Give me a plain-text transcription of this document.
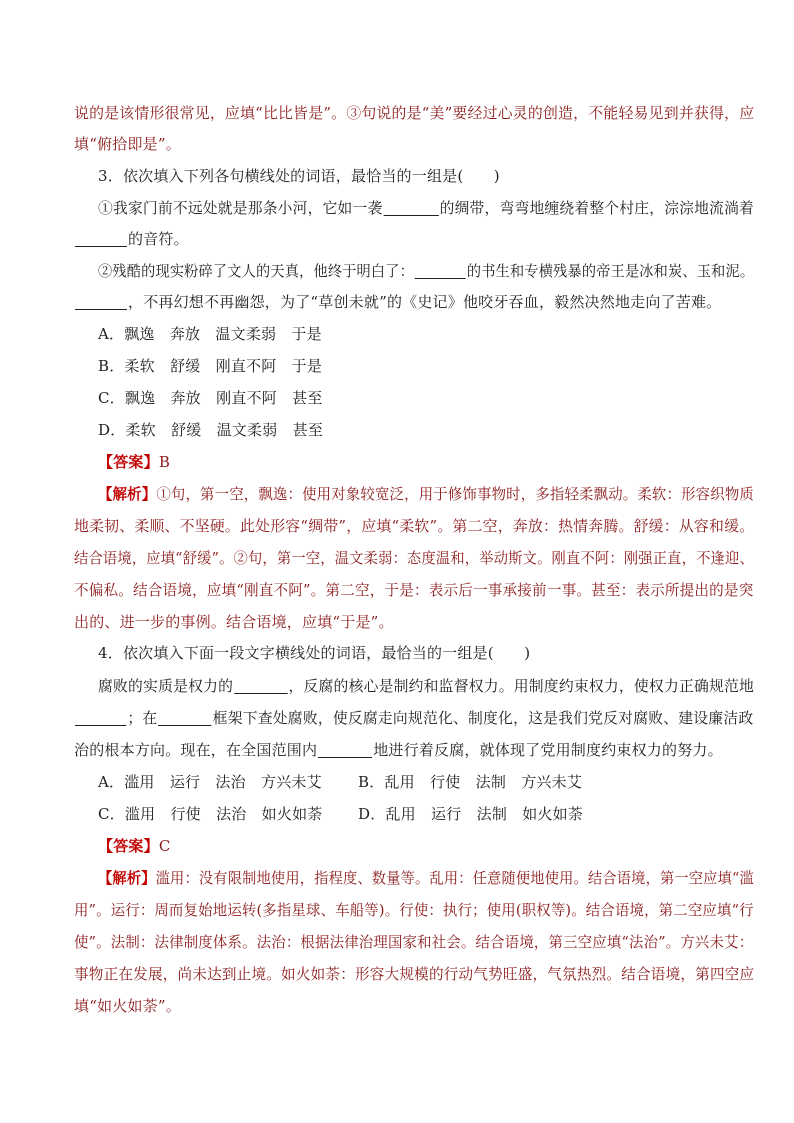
说的是该情形很常见，应填“比比皆是”。③句说的是“美”要经过心灵的创造，不能轻易见到并获得，应
填“俯拾即是”。
3．依次填入下列各句横线处的词语，最恰当的一组是(　　)
①我家门前不远处就是那条小河，它如一袭	的绸带，弯弯地缠绕着整个村庄，淙淙地流淌着
的音符。
②残酷的现实粉碎了文人的天真，他终于明白了：	的书生和专横残暴的帝王是冰和炭、玉和泥。
，不再幻想不再幽怨，为了“草创未就”的《史记》他咬牙吞血，毅然决然地走向了苦难。
A．飘逸　奔放　温文柔弱　于是
B．柔软　舒缓　刚直不阿　于是
C．飘逸　奔放　刚直不阿　甚至
D．柔软　舒缓　温文柔弱　甚至
【答案】B
【解析】①句，第一空，飘逸：使用对象较宽泛，用于修饰事物时，多指轻柔飘动。柔软：形容织物质
地柔韧、柔顺、不坚硬。此处形容“绸带”，应填“柔软”。第二空，奔放：热情奔腾。舒缓：从容和缓。
结合语境，应填“舒缓”。②句，第一空，温文柔弱：态度温和，举动斯文。刚直不阿：刚强正直，不逢迎、
不偏私。结合语境，应填“刚直不阿”。第二空，于是：表示后一事承接前一事。甚至：表示所提出的是突
出的、进一步的事例。结合语境，应填“于是”。
4．依次填入下面一段文字横线处的词语，最恰当的一组是(　　)
腐败的实质是权力的	，反腐的核心是制约和监督权力。用制度约束权力，使权力正确规范地
；在	框架下查处腐败，使反腐走向规范化、制度化，这是我们党反对腐败、建设廉洁政
治的根本方向。现在，在全国范围内	地进行着反腐，就体现了党用制度约束权力的努力。
A．滥用　运行　法治　方兴未艾 B．乱用　行使　法制　方兴未艾
C．滥用　行使　法治　如火如荼 D．乱用　运行　法制　如火如荼
【答案】C
【解析】滥用：没有限制地使用，指程度、数量等。乱用：任意随便地使用。结合语境，第一空应填“滥
用”。运行：周而复始地运转(多指星球、车船等)。行使：执行；使用(职权等)。结合语境，第二空应填“行
使”。法制：法律制度体系。法治：根据法律治理国家和社会。结合语境，第三空应填“法治”。方兴未艾：
事物正在发展，尚未达到止境。如火如荼：形容大规模的行动气势旺盛，气氛热烈。结合语境，第四空应
填“如火如荼”。
